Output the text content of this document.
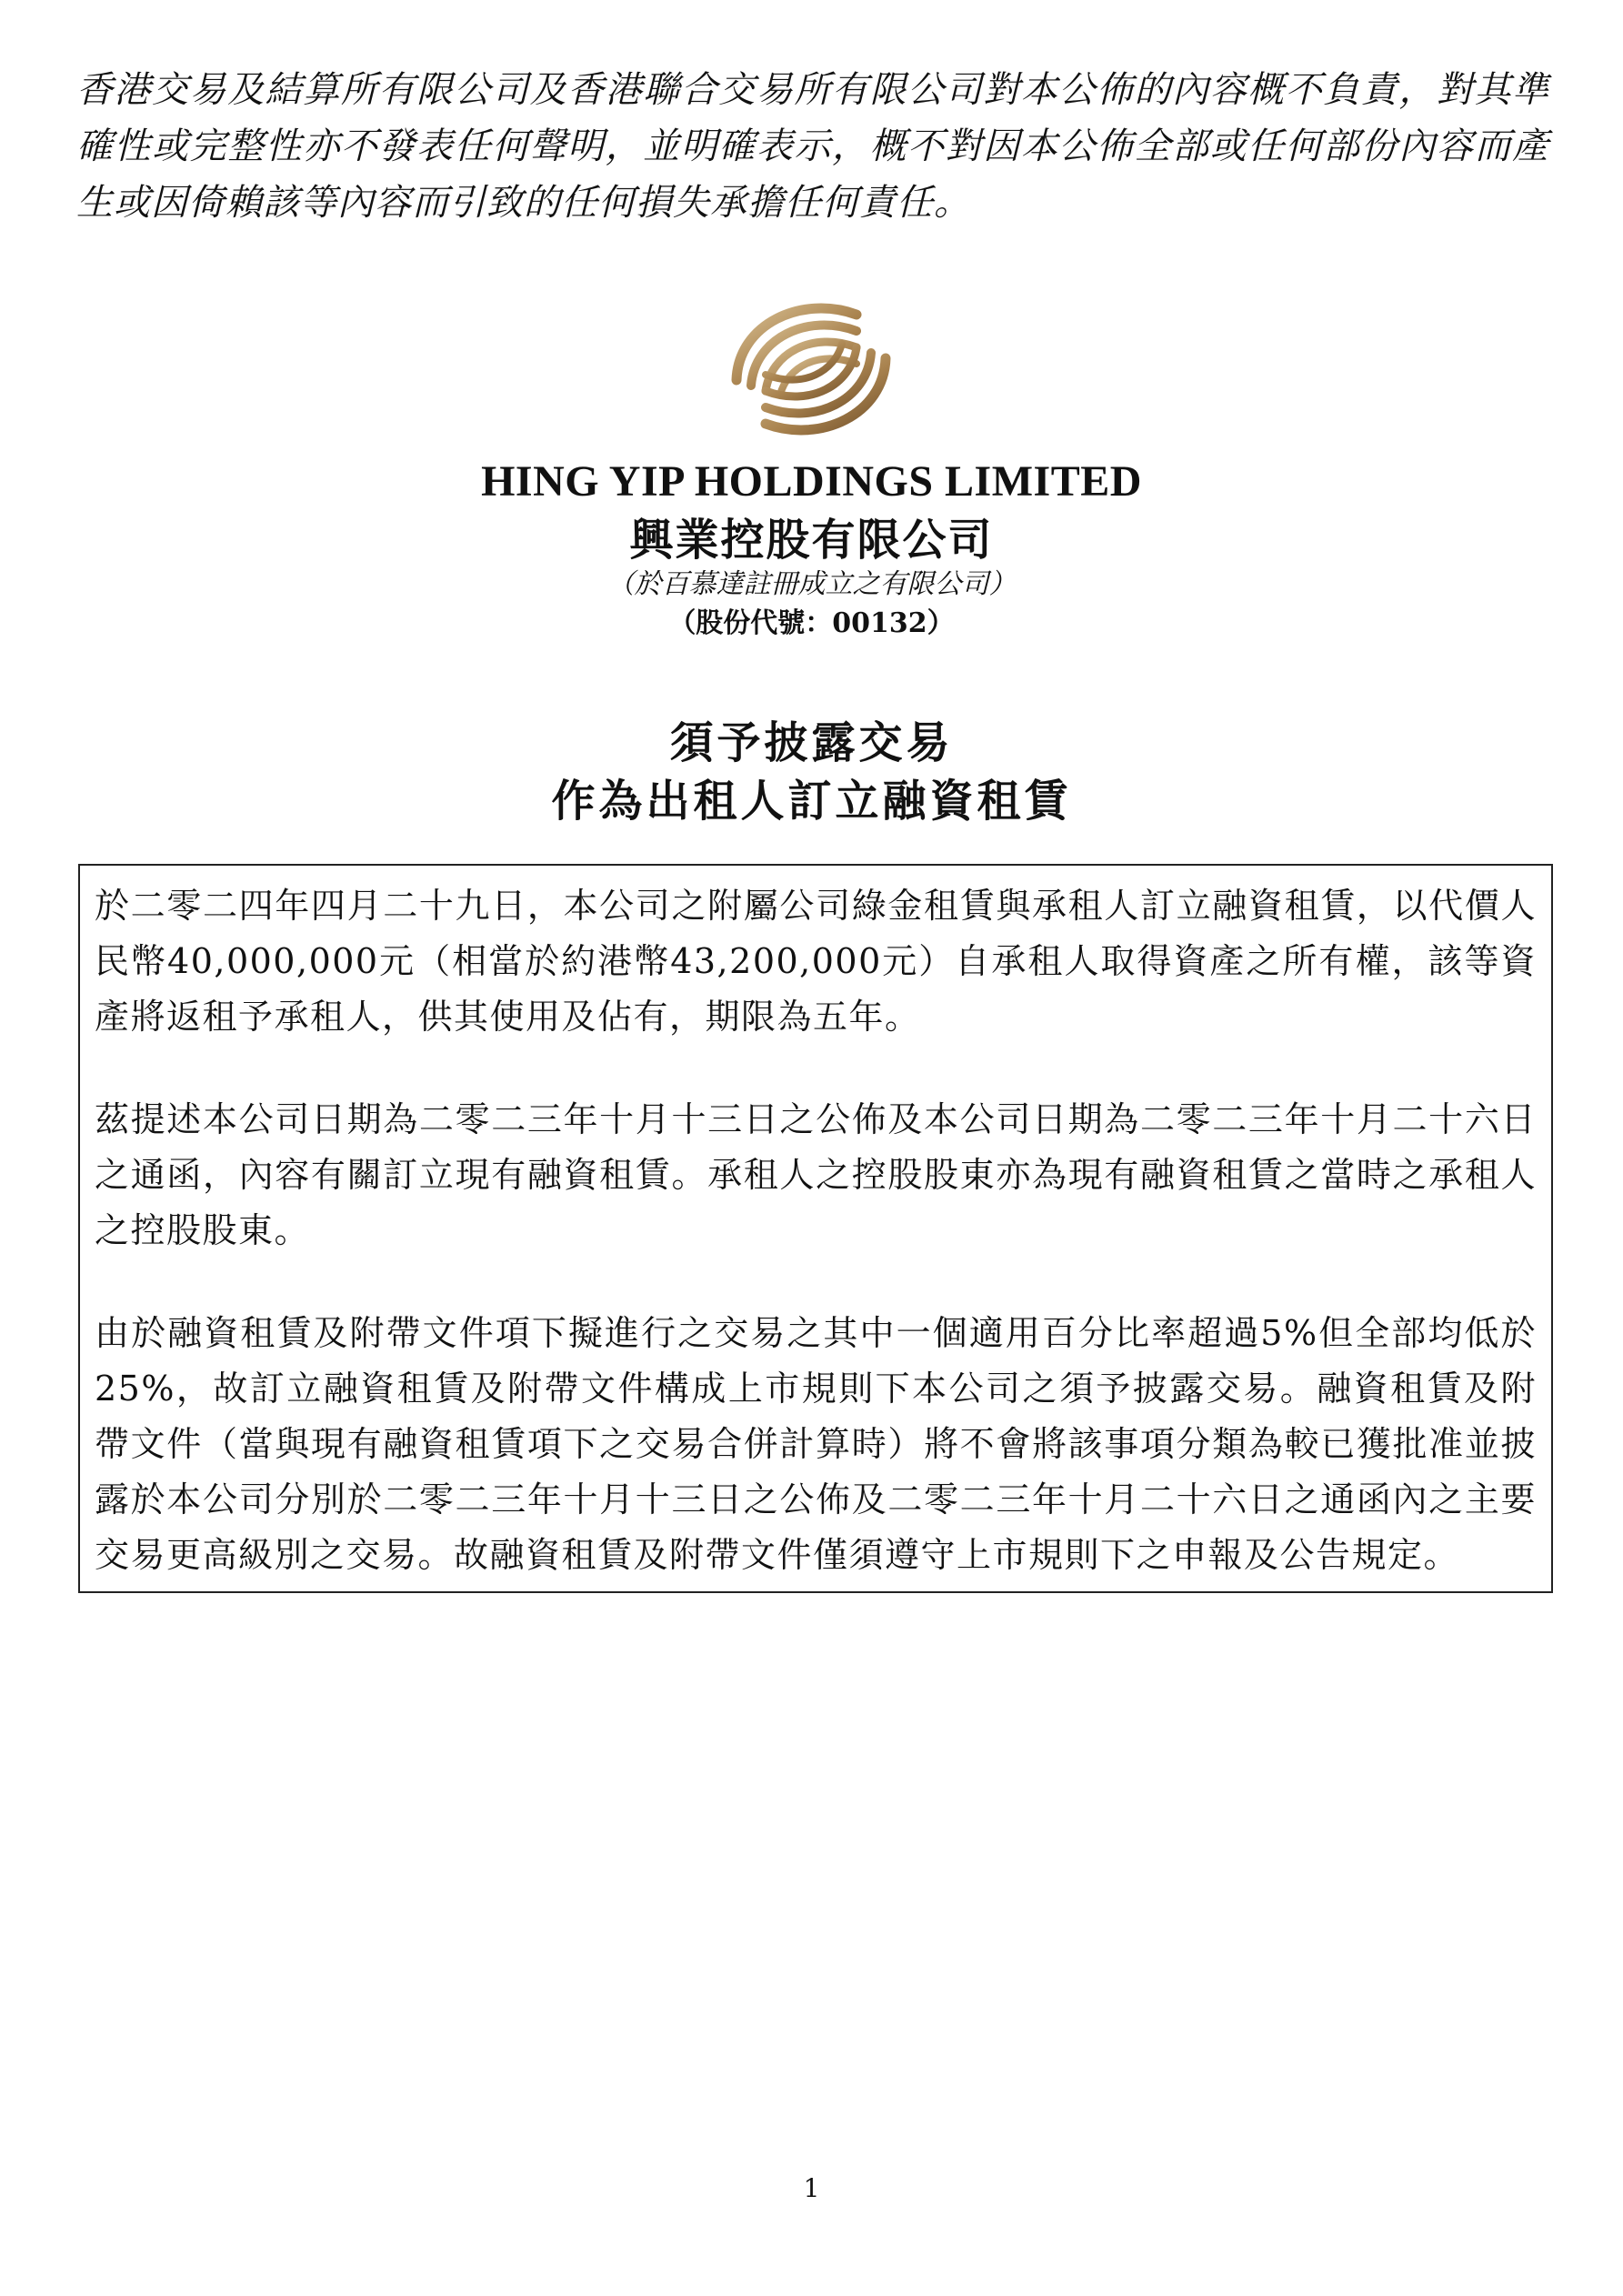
香港交易及結算所有限公司及香港聯合交易所有限公司對本公佈的內容概不負責，對其準確性或完整性亦不發表任何聲明，並明確表示，概不對因本公佈全部或任何部份內容而產生或因倚賴該等內容而引致的任何損失承擔任何責任。
HING YIP HOLDINGS LIMITED
興業控股有限公司
（於百慕達註冊成立之有限公司）
（股份代號：00132）
須予披露交易
作為出租人訂立融資租賃

於二零二四年四月二十九日，本公司之附屬公司綠金租賃與承租人訂立融資租賃，以代價人民幣40,000,000元（相當於約港幣43,200,000元）自承租人取得資產之所有權，該等資產將返租予承租人，供其使用及佔有，期限為五年。

茲提述本公司日期為二零二三年十月十三日之公佈及本公司日期為二零二三年十月二十六日之通函，內容有關訂立現有融資租賃。承租人之控股股東亦為現有融資租賃之當時之承租人之控股股東。

由於融資租賃及附帶文件項下擬進行之交易之其中一個適用百分比率超過5%但全部均低於25%，故訂立融資租賃及附帶文件構成上市規則下本公司之須予披露交易。融資租賃及附帶文件（當與現有融資租賃項下之交易合併計算時）將不會將該事項分類為較已獲批准並披露於本公司分別於二零二三年十月十三日之公佈及二零二三年十月二十六日之通函內之主要交易更高級別之交易。故融資租賃及附帶文件僅須遵守上市規則下之申報及公告規定。

1
